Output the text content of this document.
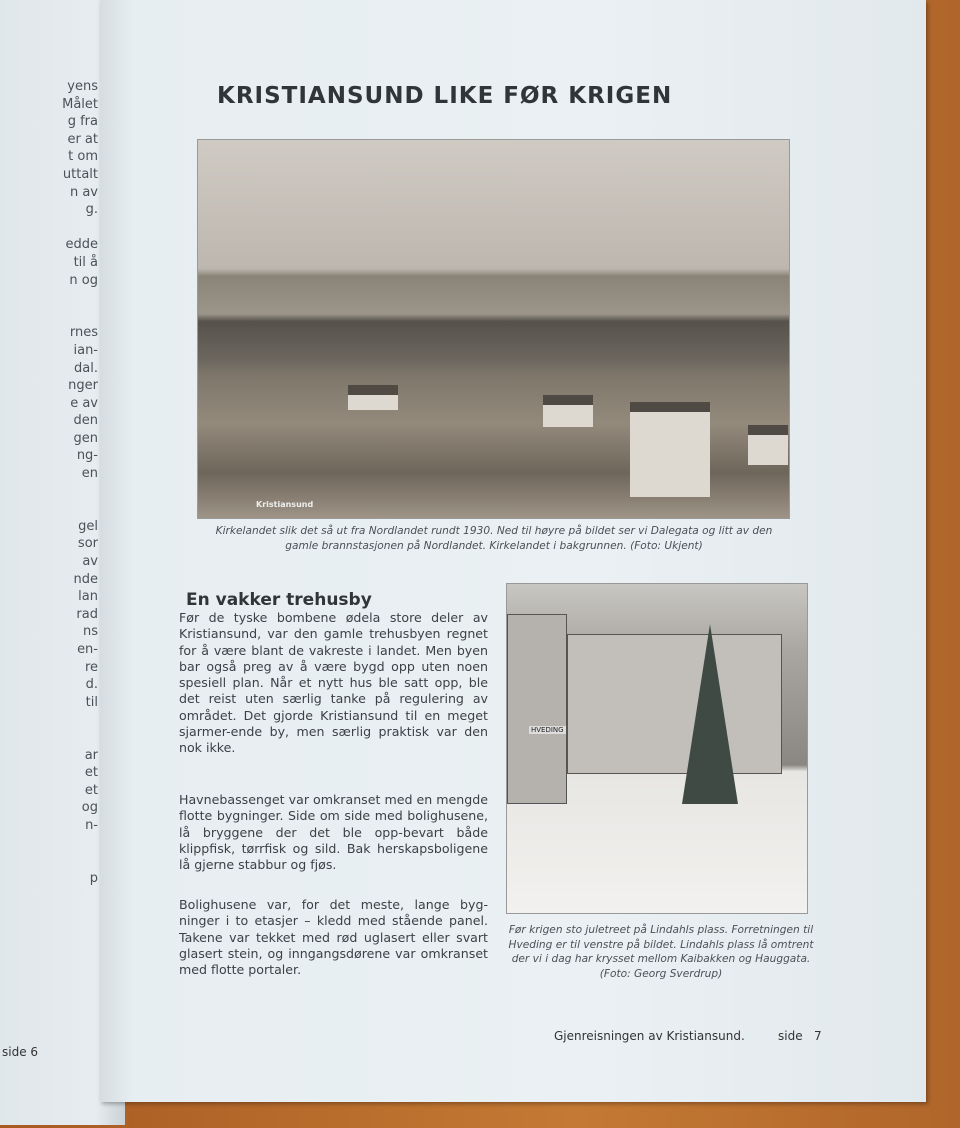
yens
Målet
g fra
er at
t om
uttalt
n av
g.

edde
til å
n og

rnes
ian-
dal.
nger
e av
den
gen
ng-
en

gel
sor
av
nde
lan
rad
ns
en-
re
d.
til

ar
et
et
og
n-

p
side 6
KRISTIANSUND LIKE FØR KRIGEN
Kristiansund
Kirkelandet slik det så ut fra Nordlandet rundt 1930. Ned til høyre på bildet ser vi Dalegata og litt av den gamle brannstasjonen på Nordlandet. Kirkelandet i bakgrunnen. (Foto: Ukjent)
En vakker trehusby
Før de tyske bombene ødela store deler av Kristiansund, var den gamle trehusbyen regnet for å være blant de vakreste i landet. Men byen bar også preg av å være bygd opp uten noen spesiell plan. Når et nytt hus ble satt opp, ble det reist uten særlig tanke på regulering av området. Det gjorde Kristiansund til en meget sjarmer-ende by, men særlig praktisk var den nok ikke.
Havnebassenget var omkranset med en mengde flotte bygninger. Side om side med bolighusene, lå bryggene der det ble opp-bevart både klippfisk, tørrfisk og sild. Bak herskapsboligene lå gjerne stabbur og fjøs.
Bolighusene var, for det meste, lange byg-ninger i to etasjer – kledd med stående panel. Takene var tekket med rød uglasert eller svart glasert stein, og inngangsdørene var omkranset med flotte portaler.
HVEDING
Før krigen sto juletreet på Lindahls plass. Forretningen til Hveding er til venstre på bildet. Lindahls plass lå omtrent der vi i dag har krysset mellom Kaibakken og Hauggata. (Foto: Georg Sverdrup)
Gjenreisningen av Kristiansund.	side   7
